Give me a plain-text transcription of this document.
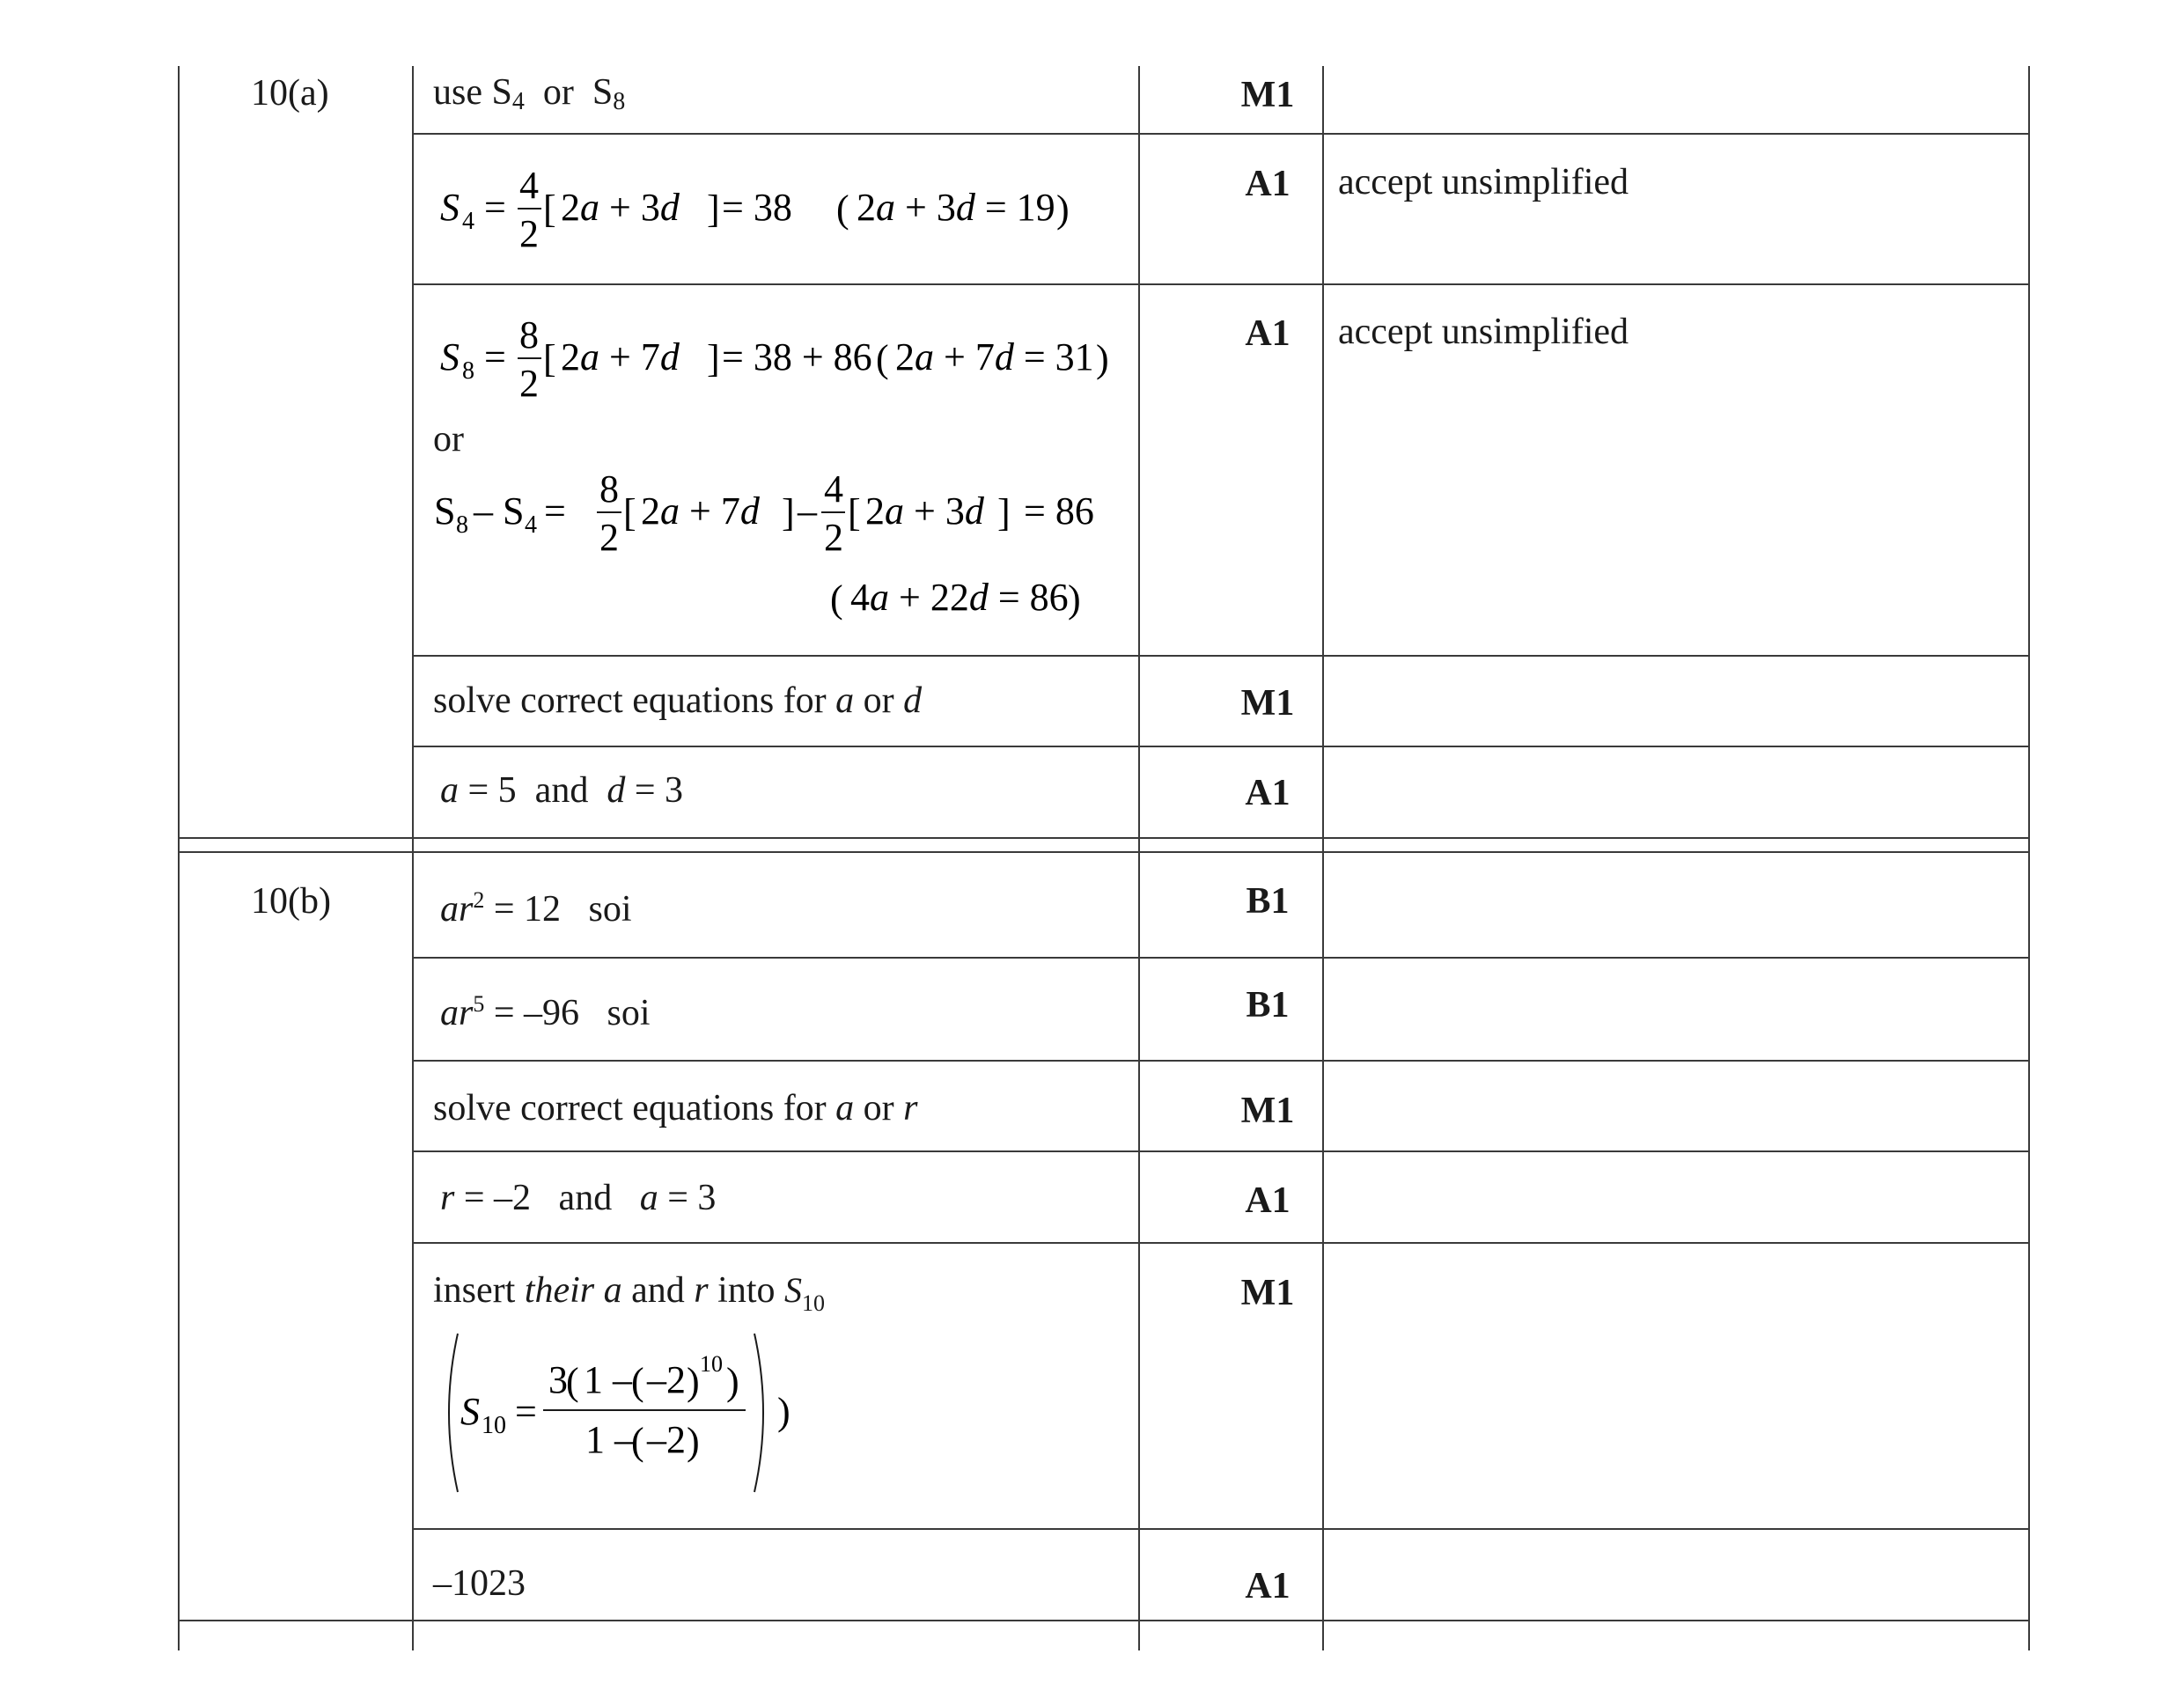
10(a)	use $S_4$  or  $S_8$	M1
S 4 =
4
2
[ 2a + 3d ] = 38 ( 2a + 3d = 19 )
A1	accept unsimplified
S 8 =
8
2
[ 2a + 7d ] = 38 + 86 ( 2a + 7d = 31 )
or
S 8 – S 4 =
8
2
[ 2a + 7d ] –
4
2
[ 2a + 3d ] = 86
( 4a + 22d = 86 )
A1	accept unsimplified
solve correct equations for a or d	M1
a = 5  and  d = 3	A1
10(b)	$ar^2 = 12$   soi	B1
$ar^5 = -96$   soi	B1
solve correct equations for a or r	M1
r = –2   and   a = 3	A1
insert their a and r into $S_{10}$
S 10 =
3
( 1 – ( –2 ) 10 )
1 –
( –2 )
)
M1
–1023	A1
